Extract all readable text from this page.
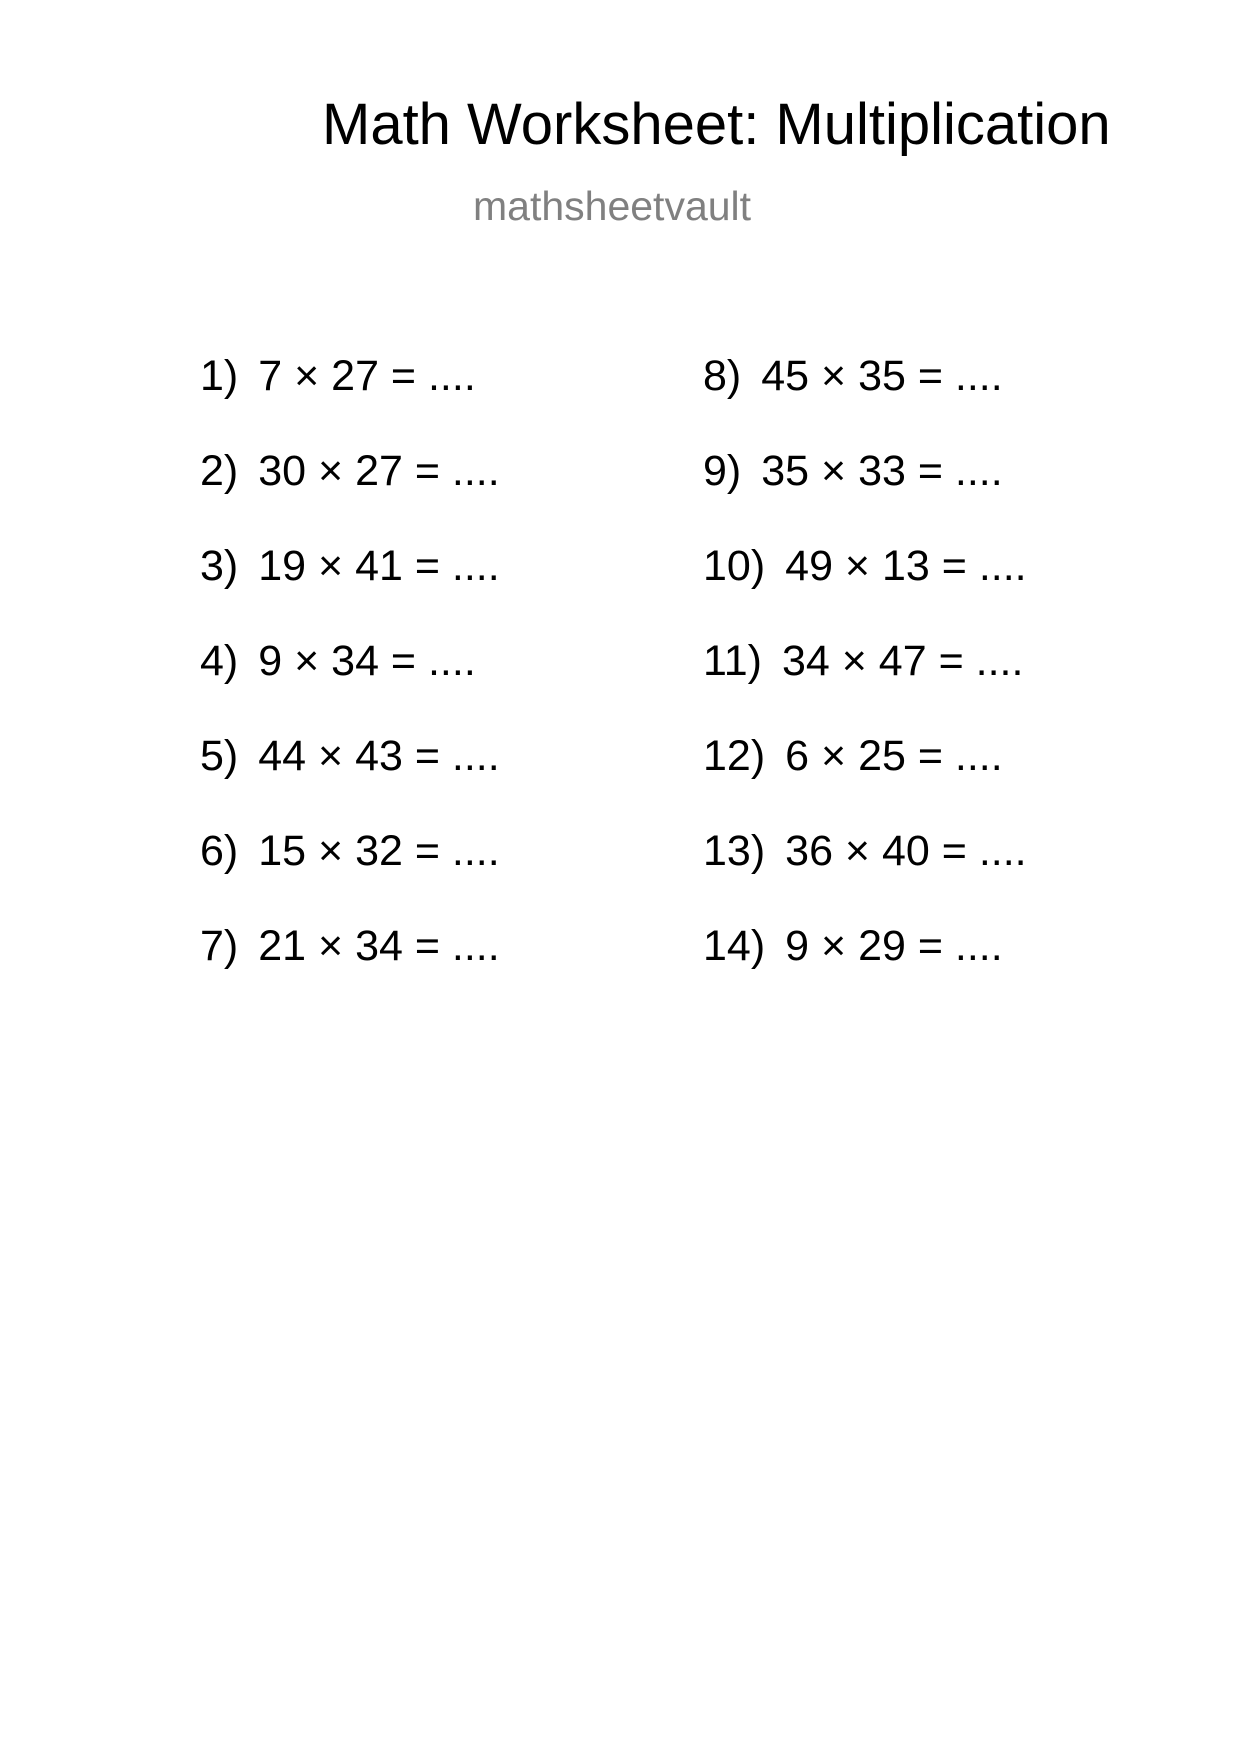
Math Worksheet: Multiplication
mathsheetvault
1) 7 × 27 = ....
2) 30 × 27 = ....
3) 19 × 41 = ....
4) 9 × 34 = ....
5) 44 × 43 = ....
6) 15 × 32 = ....
7) 21 × 34 = ....
8) 45 × 35 = ....
9) 35 × 33 = ....
10) 49 × 13 = ....
11) 34 × 47 = ....
12) 6 × 25 = ....
13) 36 × 40 = ....
14) 9 × 29 = ....
